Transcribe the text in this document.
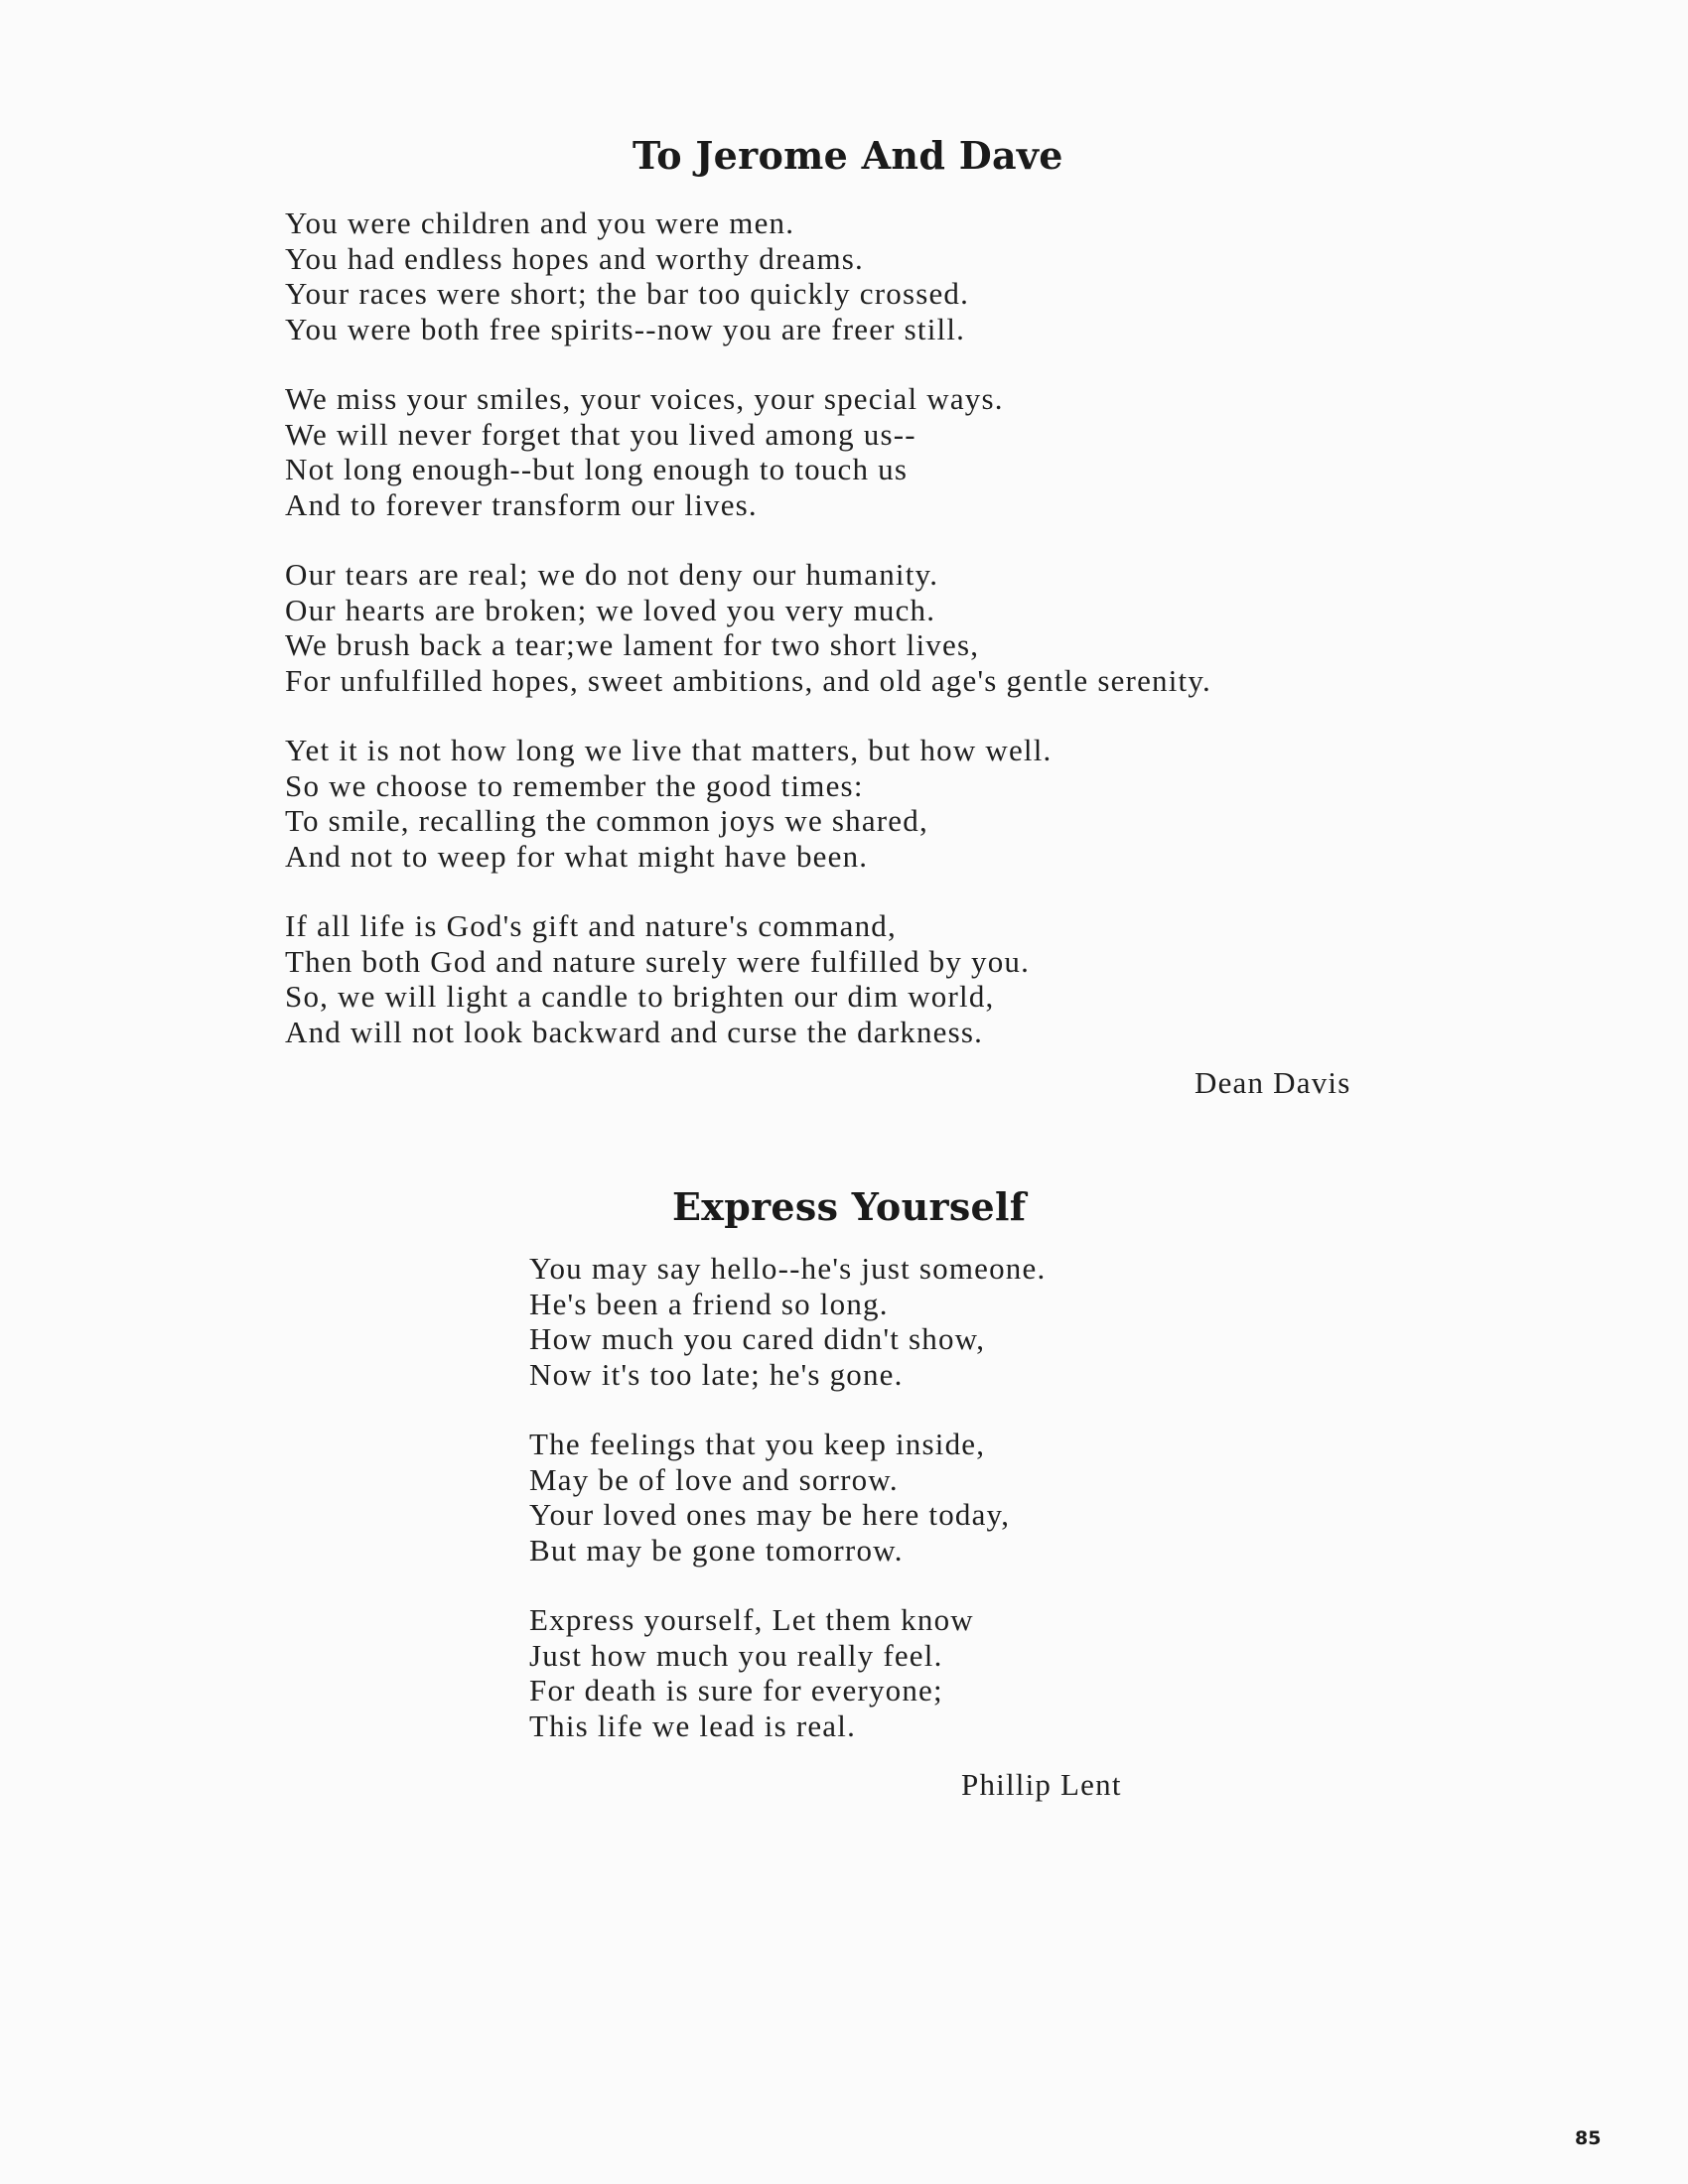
To Jerome And Dave
You were children and you were men.
You had endless hopes and worthy dreams.
Your races were short; the bar too quickly crossed.
You were both free spirits--now you are freer still.
We miss your smiles, your voices, your special ways.
We will never forget that you lived among us--
Not long enough--but long enough to touch us
And to forever transform our lives.
Our tears are real; we do not deny our humanity.
Our hearts are broken; we loved you very much.
We brush back a tear;we lament for two short lives,
For unfulfilled hopes, sweet ambitions, and old age's gentle serenity.
Yet it is not how long we live that matters, but how well.
So we choose to remember the good times:
To smile, recalling the common joys we shared,
And not to weep for what might have been.
If all life is God's gift and nature's command,
Then both God and nature surely were fulfilled by you.
So, we will light a candle to brighten our dim world,
And will not look backward and curse the darkness.
Dean Davis
Express Yourself
You may say hello--he's just someone.
He's been a friend so long.
How much you cared didn't show,
Now it's too late; he's gone.
The feelings that you keep inside,
May be of love and sorrow.
Your loved ones may be here today,
But may be gone tomorrow.
Express yourself, Let them know
Just how much you really feel.
For death is sure for everyone;
This life we lead is real.
Phillip Lent
85
